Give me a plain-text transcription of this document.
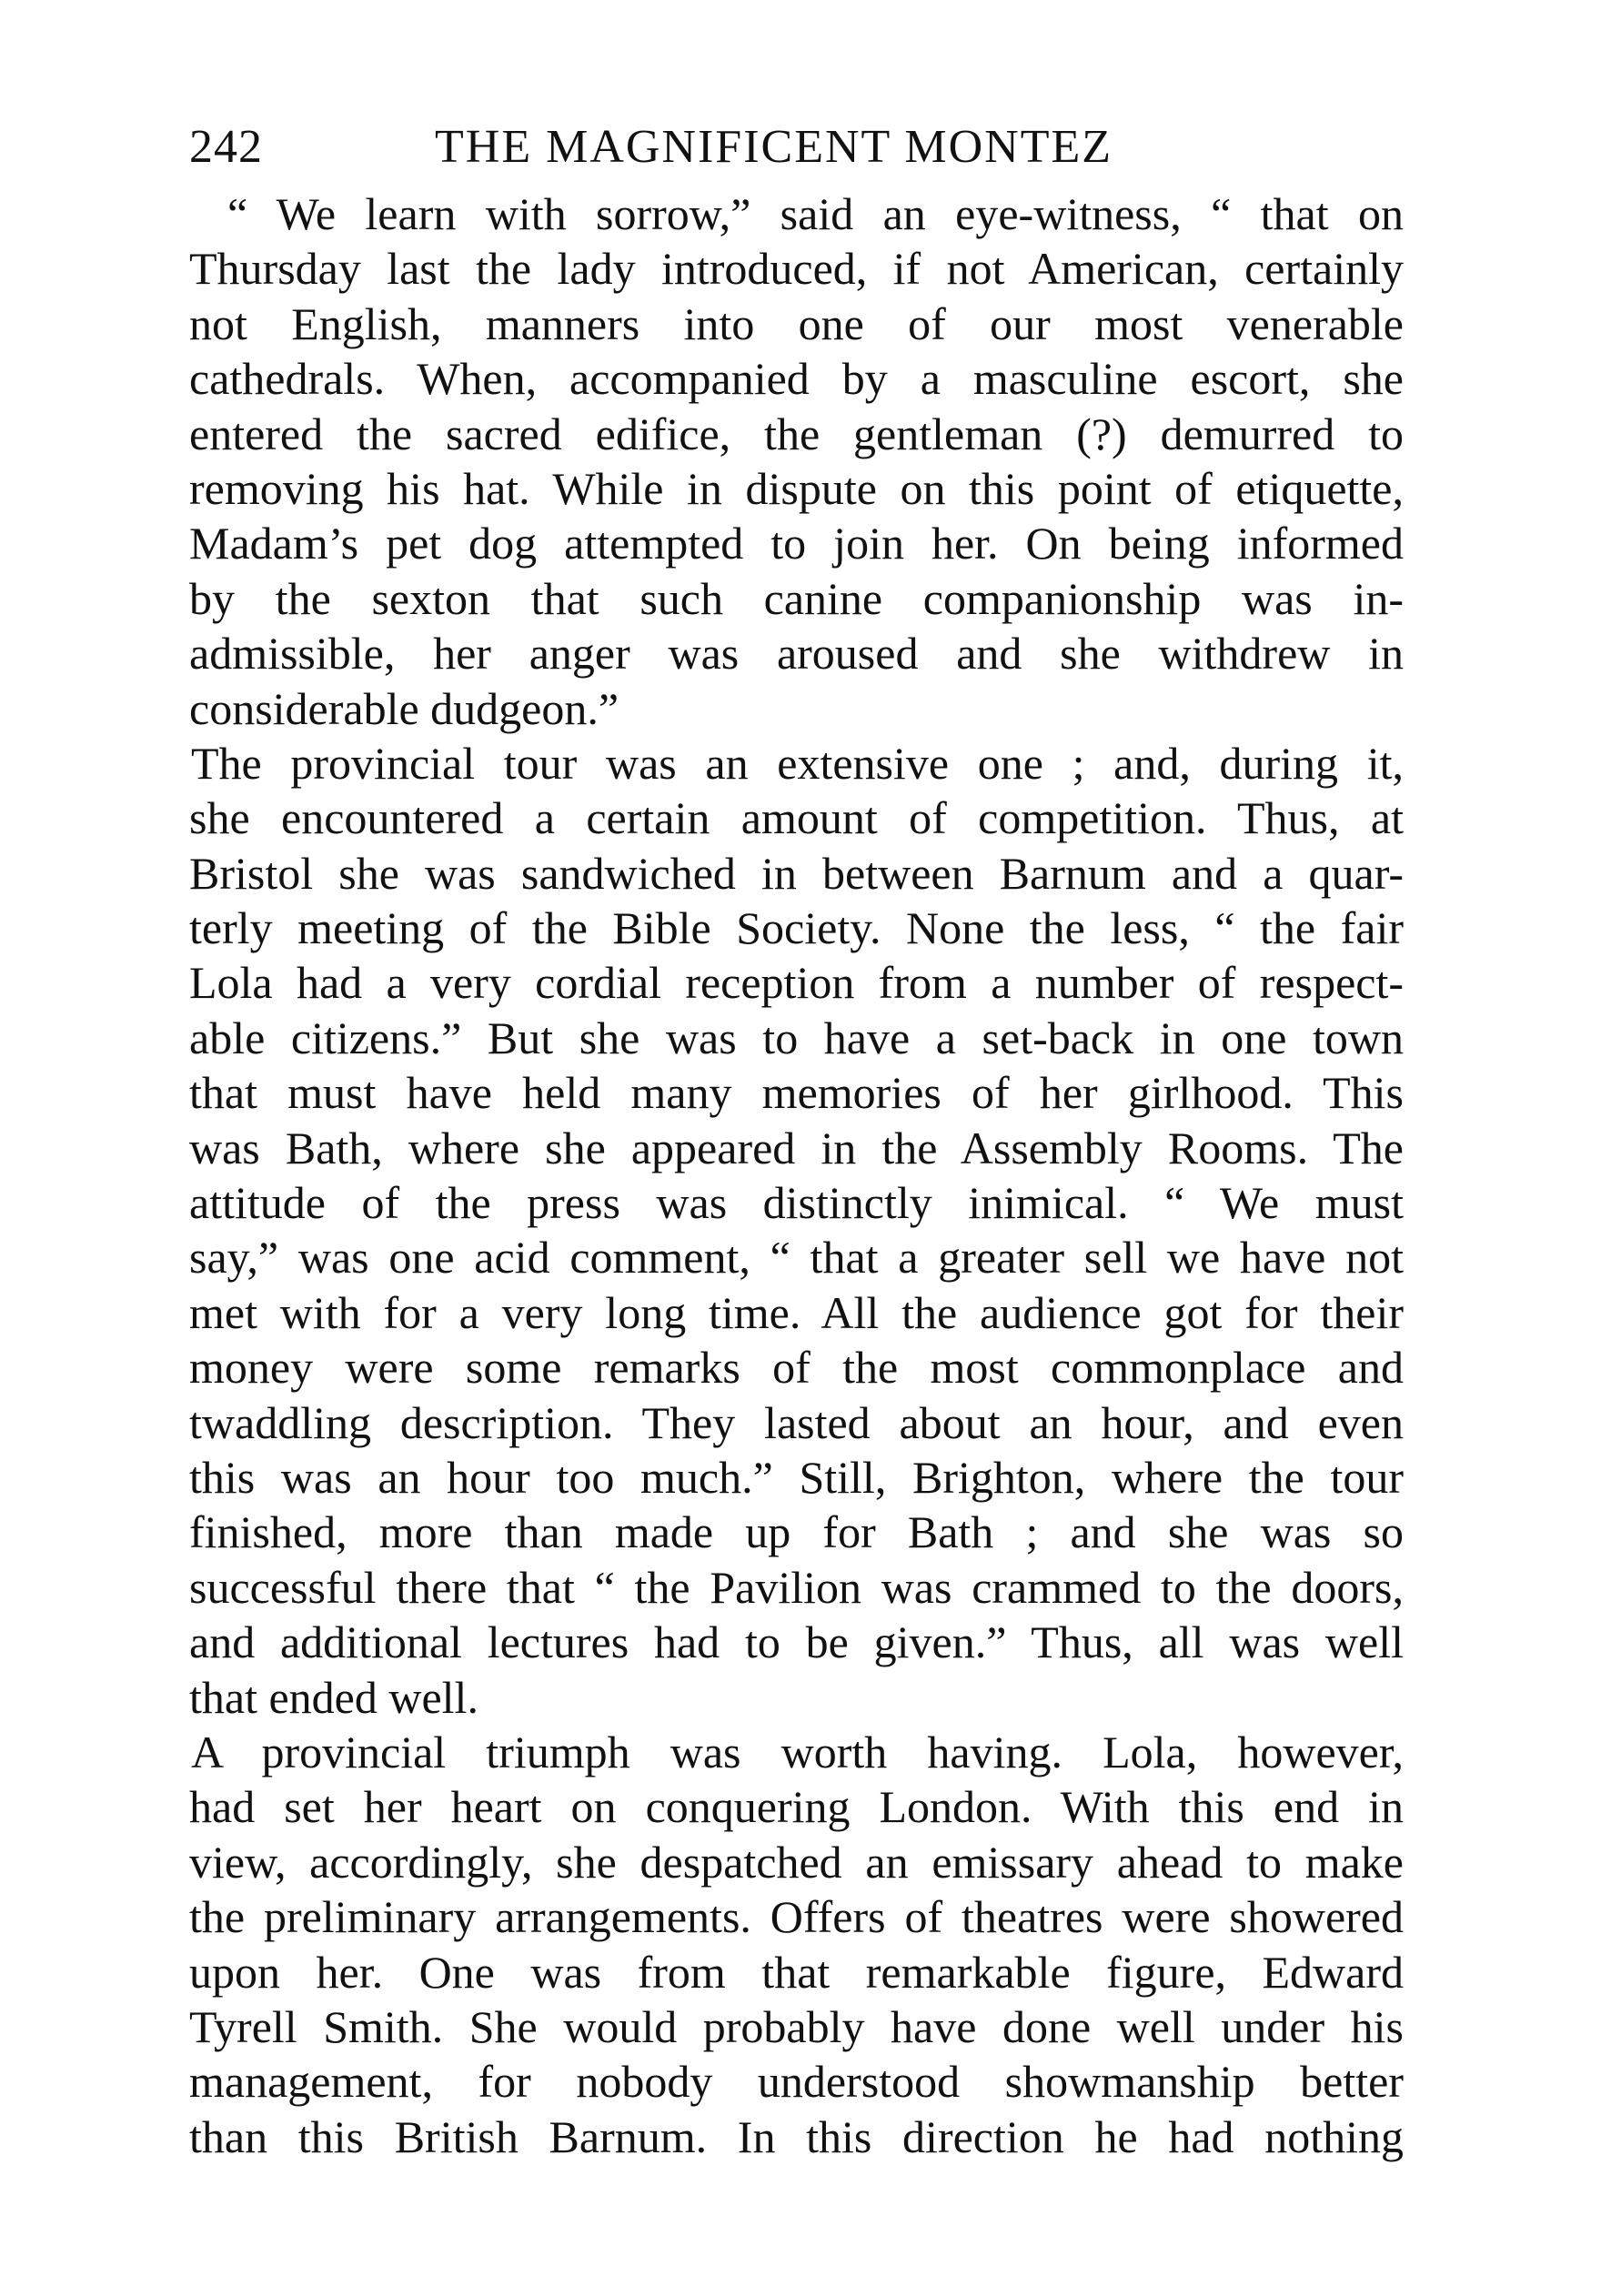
242	THE MAGNIFICENT MONTEZ
“ We learn with sorrow,” said an eye-witness, “ that on
Thursday last the lady introduced, if not American, certainly
not English, manners into one of our most venerable
cathedrals. When, accompanied by a masculine escort, she
entered the sacred edifice, the gentleman (?) demurred to
removing his hat. While in dispute on this point of etiquette,
Madam’s pet dog attempted to join her. On being informed
by the sexton that such canine companionship was in-
admissible, her anger was aroused and she withdrew in
considerable dudgeon.”
The provincial tour was an extensive one ; and, during it,
she encountered a certain amount of competition. Thus, at
Bristol she was sandwiched in between Barnum and a quar-
terly meeting of the Bible Society. None the less, “ the fair
Lola had a very cordial reception from a number of respect-
able citizens.” But she was to have a set-back in one town
that must have held many memories of her girlhood. This
was Bath, where she appeared in the Assembly Rooms. The
attitude of the press was distinctly inimical. “ We must
say,” was one acid comment, “ that a greater sell we have not
met with for a very long time. All the audience got for their
money were some remarks of the most commonplace and
twaddling description. They lasted about an hour, and even
this was an hour too much.” Still, Brighton, where the tour
finished, more than made up for Bath ; and she was so
successful there that “ the Pavilion was crammed to the doors,
and additional lectures had to be given.” Thus, all was well
that ended well.
A provincial triumph was worth having. Lola, however,
had set her heart on conquering London. With this end in
view, accordingly, she despatched an emissary ahead to make
the preliminary arrangements. Offers of theatres were showered
upon her. One was from that remarkable figure, Edward
Tyrell Smith. She would probably have done well under his
management, for nobody understood showmanship better
than this British Barnum. In this direction he had nothing
